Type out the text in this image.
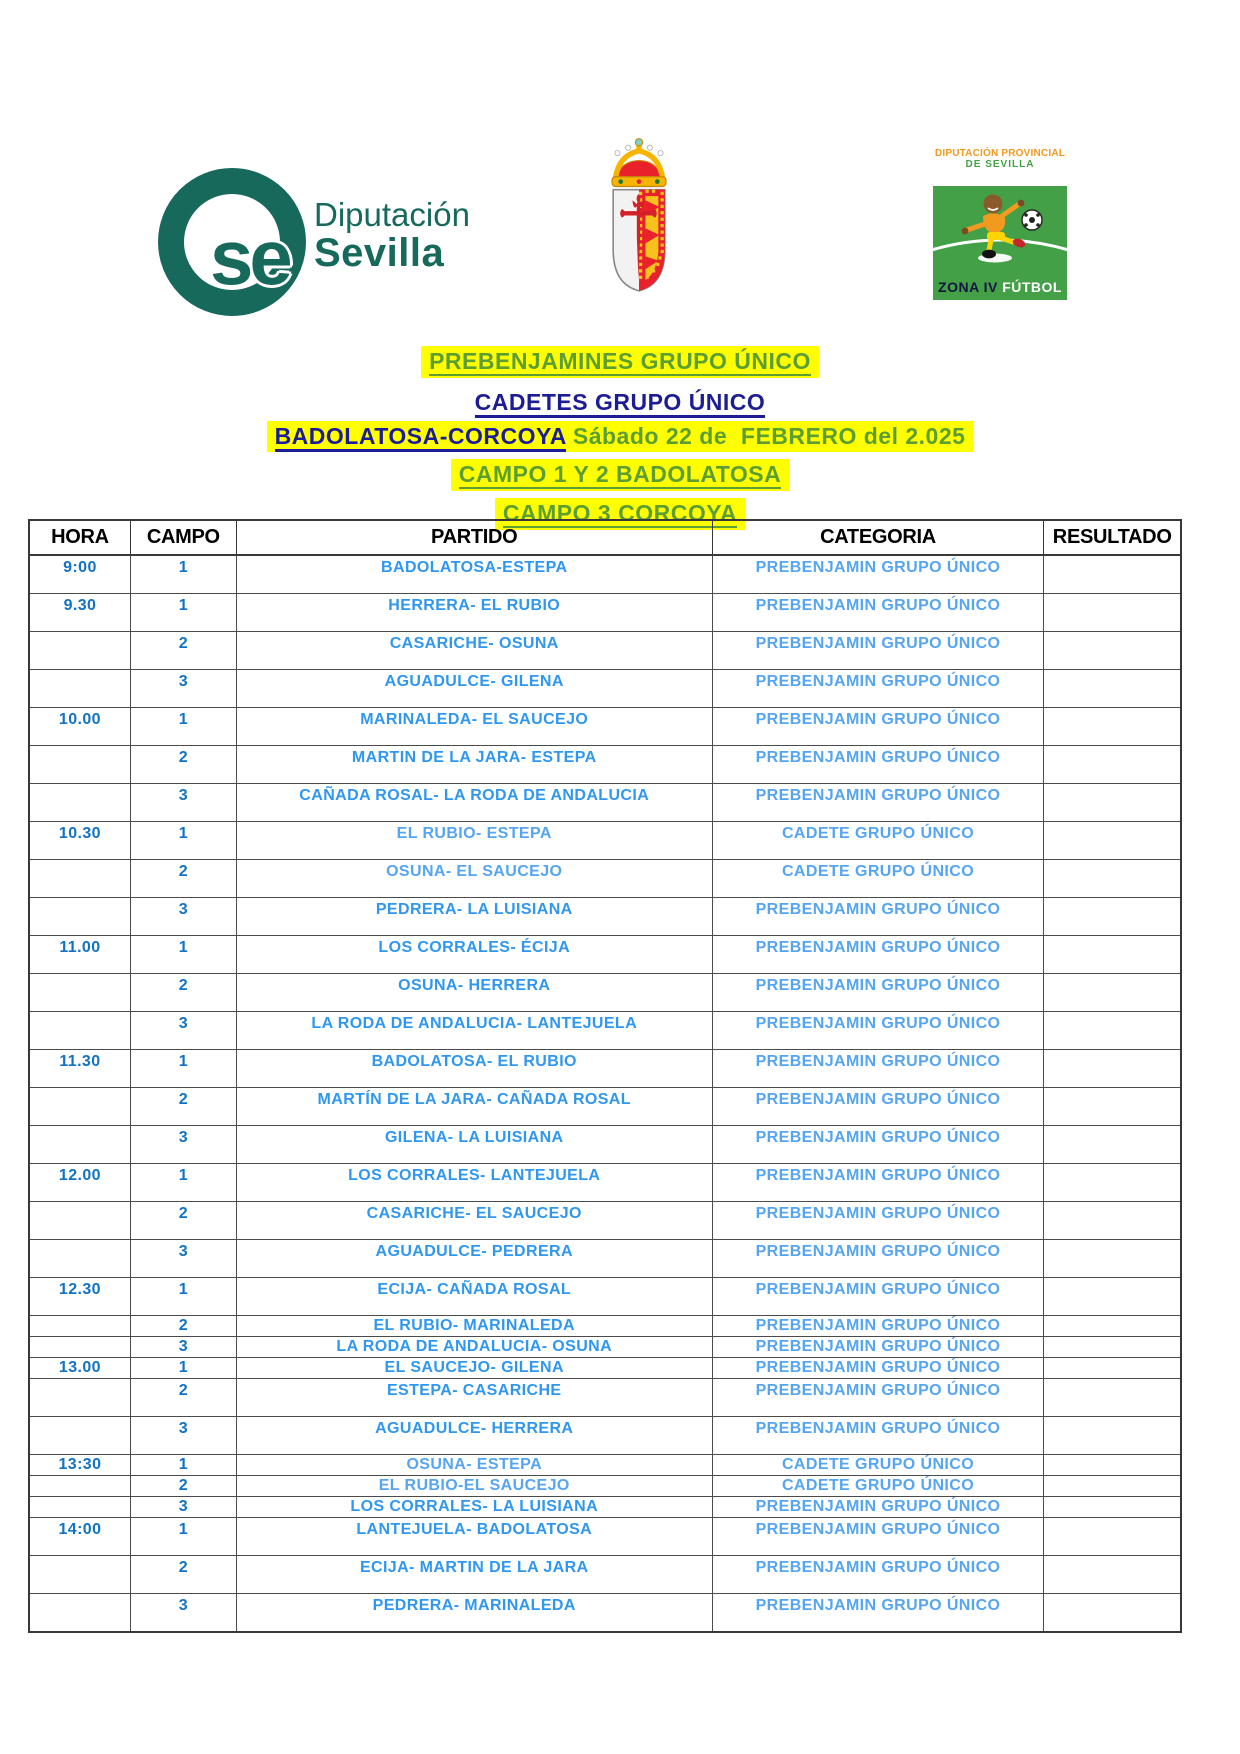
se Diputación
Sevilla
DIPUTACIÓN PROVINCIAL
DE SEVILLA
ZONA IV FÚTBOL
PREBENJAMINES GRUPO ÚNICO
CADETES GRUPO ÚNICO
BADOLATOSA-CORCOYA Sábado 22 de  FEBRERO del 2.025
CAMPO 1 Y 2 BADOLATOSA
CAMPO 3 CORCOYA
HORA	CAMPO	PARTIDO	CATEGORIA	RESULTADO
9:00	1	BADOLATOSA-ESTEPA	PREBENJAMIN GRUPO ÚNICO	
9.30	1	HERRERA- EL RUBIO	PREBENJAMIN GRUPO ÚNICO	
	2	CASARICHE- OSUNA	PREBENJAMIN GRUPO ÚNICO	
	3	AGUADULCE- GILENA	PREBENJAMIN GRUPO ÚNICO	
10.00	1	MARINALEDA- EL SAUCEJO	PREBENJAMIN GRUPO ÚNICO	
	2	MARTIN DE LA JARA- ESTEPA	PREBENJAMIN GRUPO ÚNICO	
	3	CAÑADA ROSAL- LA RODA DE ANDALUCIA	PREBENJAMIN GRUPO ÚNICO	
10.30	1	EL RUBIO- ESTEPA	CADETE GRUPO ÚNICO	
	2	OSUNA- EL SAUCEJO	CADETE GRUPO ÚNICO	
	3	PEDRERA- LA LUISIANA	PREBENJAMIN GRUPO ÚNICO	
11.00	1	LOS CORRALES- ÉCIJA	PREBENJAMIN GRUPO ÚNICO	
	2	OSUNA- HERRERA	PREBENJAMIN GRUPO ÚNICO	
	3	LA RODA DE ANDALUCIA- LANTEJUELA	PREBENJAMIN GRUPO ÚNICO	
11.30	1	BADOLATOSA- EL RUBIO	PREBENJAMIN GRUPO ÚNICO	
	2	MARTÍN DE LA JARA- CAÑADA ROSAL	PREBENJAMIN GRUPO ÚNICO	
	3	GILENA- LA LUISIANA	PREBENJAMIN GRUPO ÚNICO	
12.00	1	LOS CORRALES- LANTEJUELA	PREBENJAMIN GRUPO ÚNICO	
	2	CASARICHE- EL SAUCEJO	PREBENJAMIN GRUPO ÚNICO	
	3	AGUADULCE- PEDRERA	PREBENJAMIN GRUPO ÚNICO	
12.30	1	ECIJA- CAÑADA ROSAL	PREBENJAMIN GRUPO ÚNICO	
	2	EL RUBIO- MARINALEDA	PREBENJAMIN GRUPO ÚNICO	
	3	LA RODA DE ANDALUCIA- OSUNA	PREBENJAMIN GRUPO ÚNICO	
13.00	1	EL SAUCEJO- GILENA	PREBENJAMIN GRUPO ÚNICO	
	2	ESTEPA- CASARICHE	PREBENJAMIN GRUPO ÚNICO	
	3	AGUADULCE- HERRERA	PREBENJAMIN GRUPO ÚNICO	
13:30	1	OSUNA- ESTEPA	CADETE GRUPO ÚNICO	
	2	EL RUBIO-EL SAUCEJO	CADETE GRUPO ÚNICO	
	3	LOS CORRALES- LA LUISIANA	PREBENJAMIN GRUPO ÚNICO	
14:00	1	LANTEJUELA- BADOLATOSA	PREBENJAMIN GRUPO ÚNICO	
	2	ECIJA- MARTIN DE LA JARA	PREBENJAMIN GRUPO ÚNICO	
	3	PEDRERA- MARINALEDA	PREBENJAMIN GRUPO ÚNICO	
